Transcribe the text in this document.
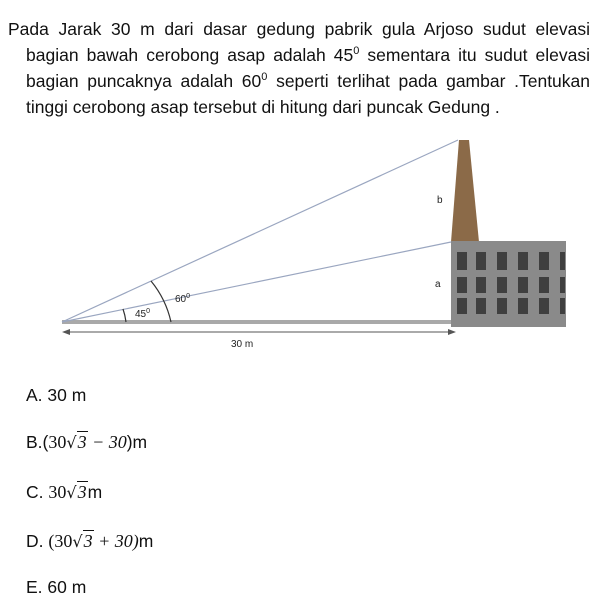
Pada Jarak 30 m dari dasar gedung pabrik gula Arjoso sudut elevasi bagian bawah cerobong asap adalah $45^0$ sementara itu sudut elevasi bagian puncaknya adalah $60^0$ seperti terlihat pada gambar .Tentukan tinggi cerobong asap tersebut di hitung dari puncak Gedung .
b
a
$60^0$
$45^0$
30 m
A. 30 m
B.(30√3 − 30)m
C. 30√3m
D. (30√3 + 30)m
E. 60 m
